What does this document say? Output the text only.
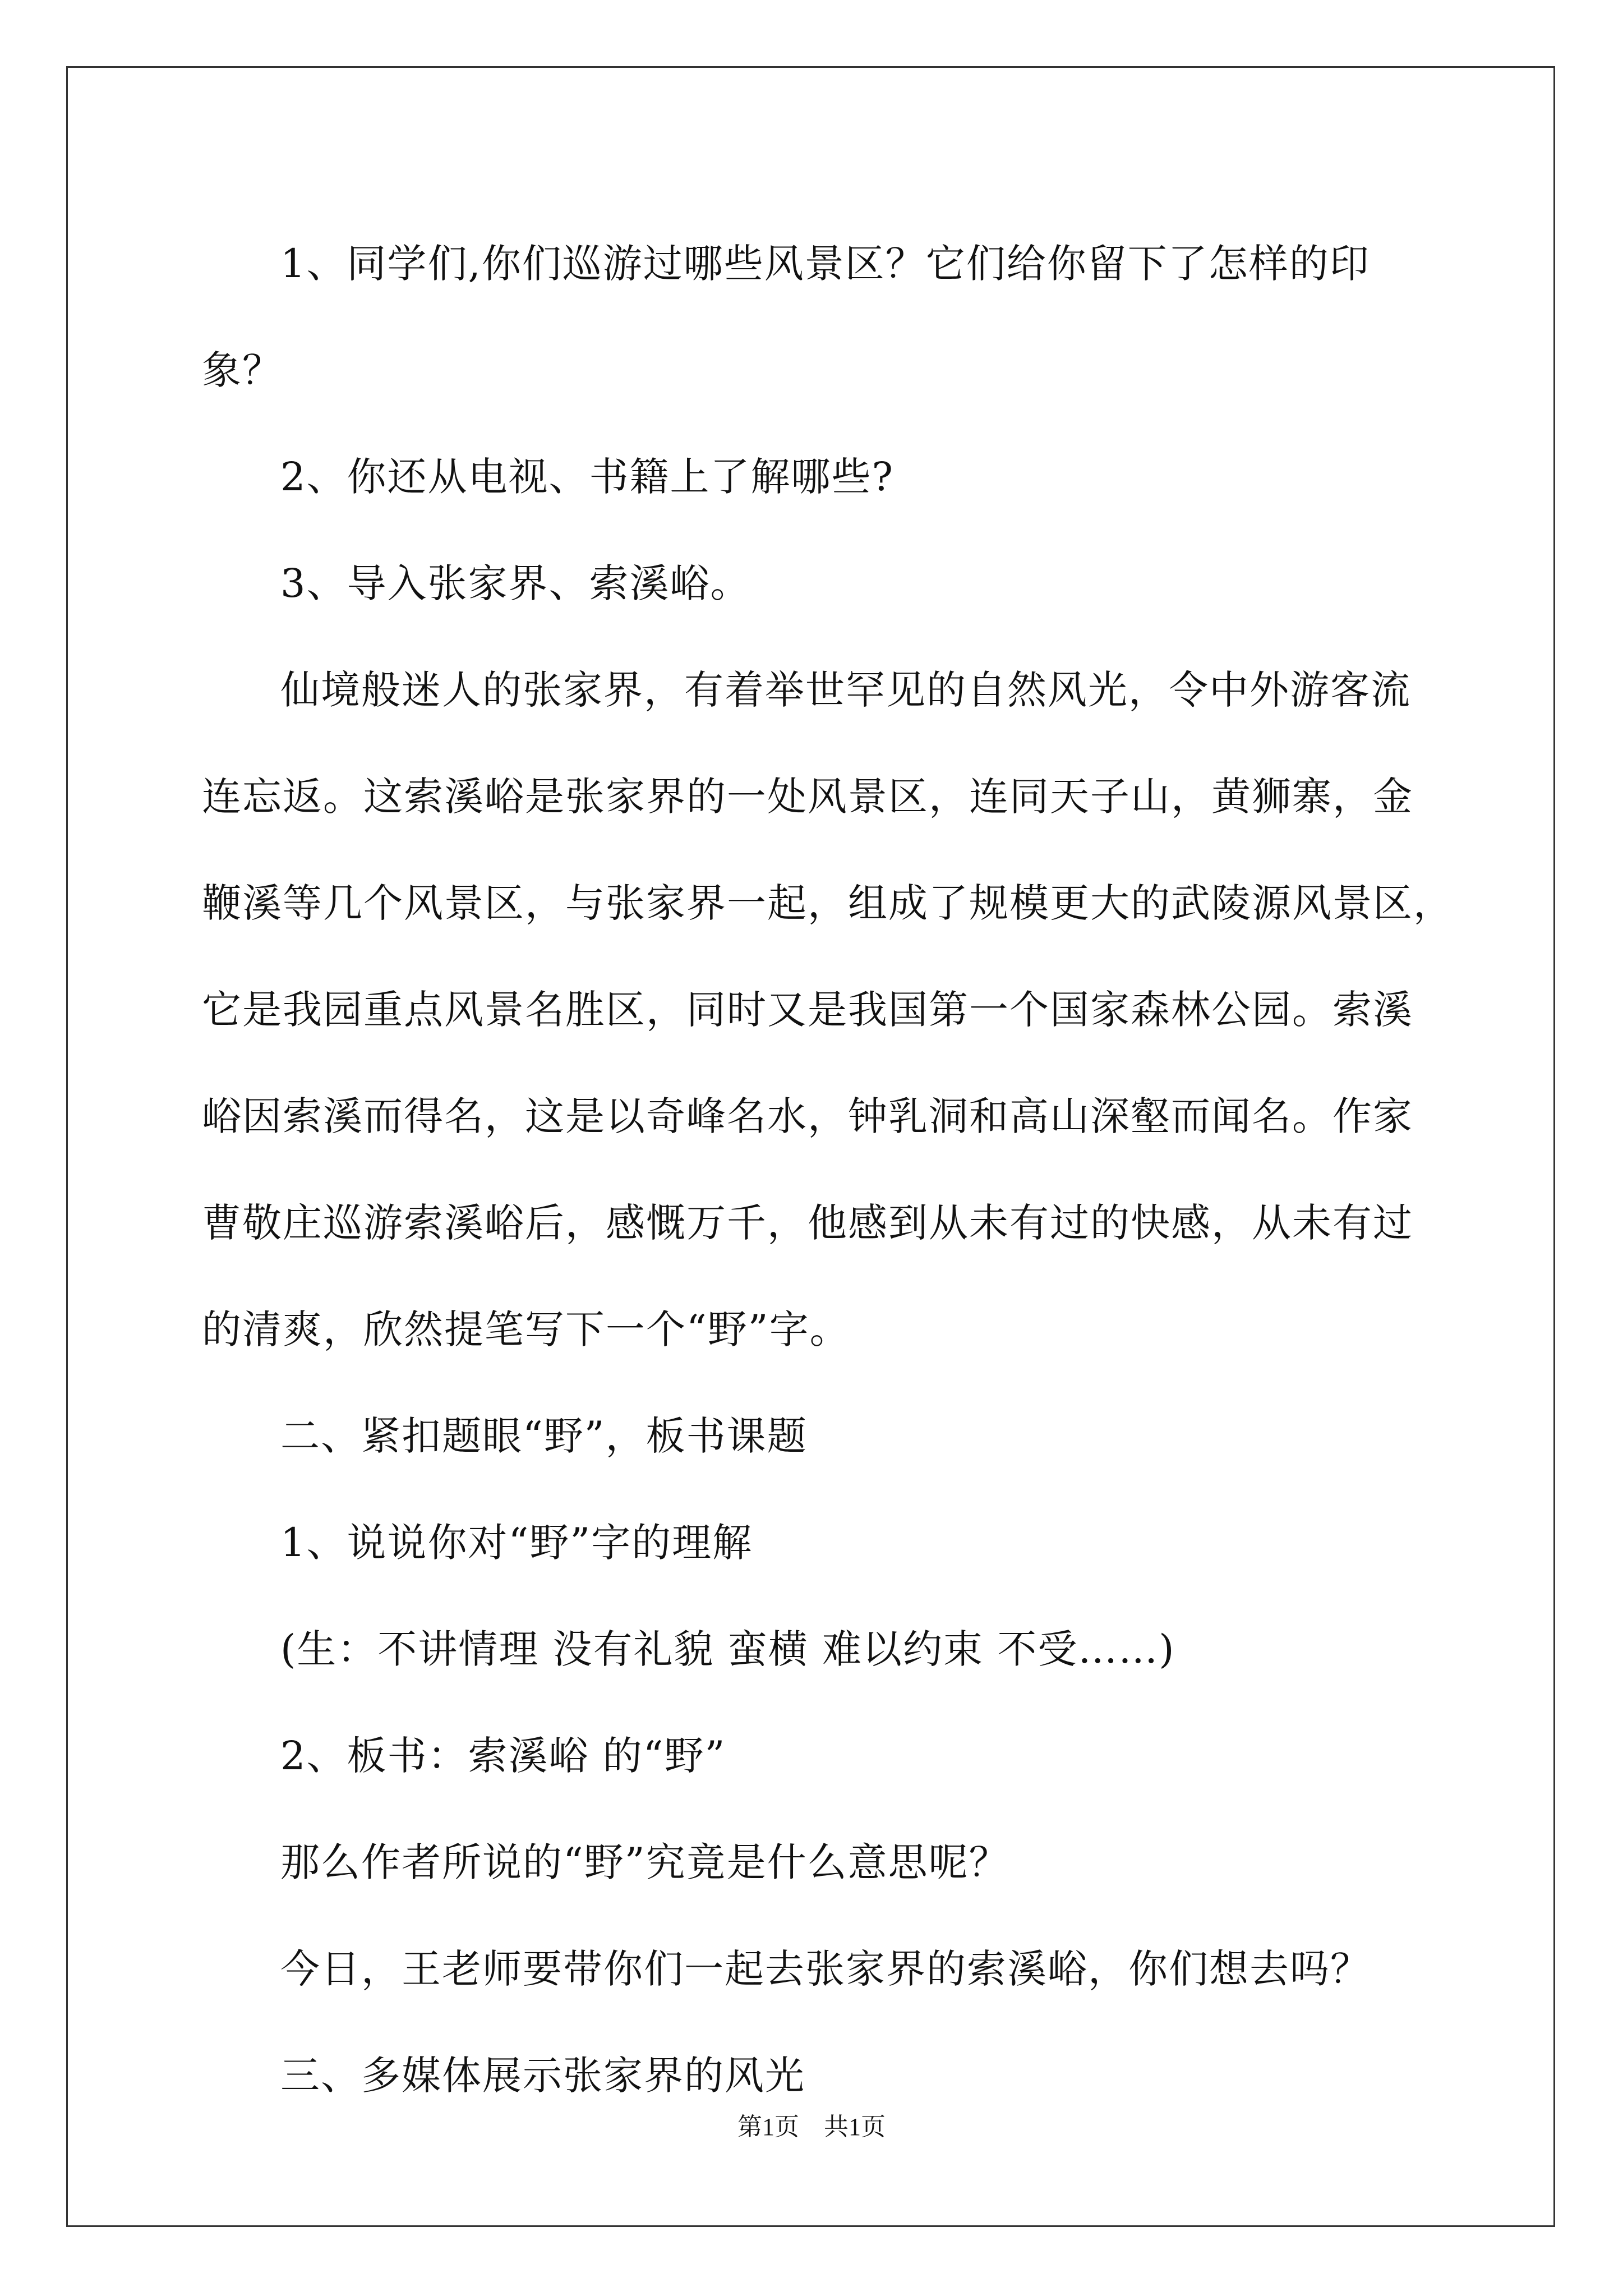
1、同学们,你们巡游过哪些风景区？它们给你留下了怎样的印象？

2、你还从电视、书籍上了解哪些?

3、导入张家界、索溪峪。

仙境般迷人的张家界，有着举世罕见的自然风光，令中外游客流
连忘返。这索溪峪是张家界的一处风景区，连同天子山，黄狮寨，金
鞭溪等几个风景区，与张家界一起，组成了规模更大的武陵源风景区，
它是我园重点风景名胜区，同时又是我国第一个国家森林公园。索溪
峪因索溪而得名，这是以奇峰名水，钟乳洞和高山深壑而闻名。作家
曹敬庄巡游索溪峪后，感慨万千，他感到从未有过的快感，从未有过
的清爽，欣然提笔写下一个“野”字。

二、紧扣题眼“野”，板书课题

1、说说你对“野”字的理解

(生：不讲情理 没有礼貌 蛮横 难以约束 不受……)

2、板书：索溪峪 的“野”

那么作者所说的“野”究竟是什么意思呢？

今日，王老师要带你们一起去张家界的索溪峪，你们想去吗？

三、多媒体展示张家界的风光

第1页　共1页
